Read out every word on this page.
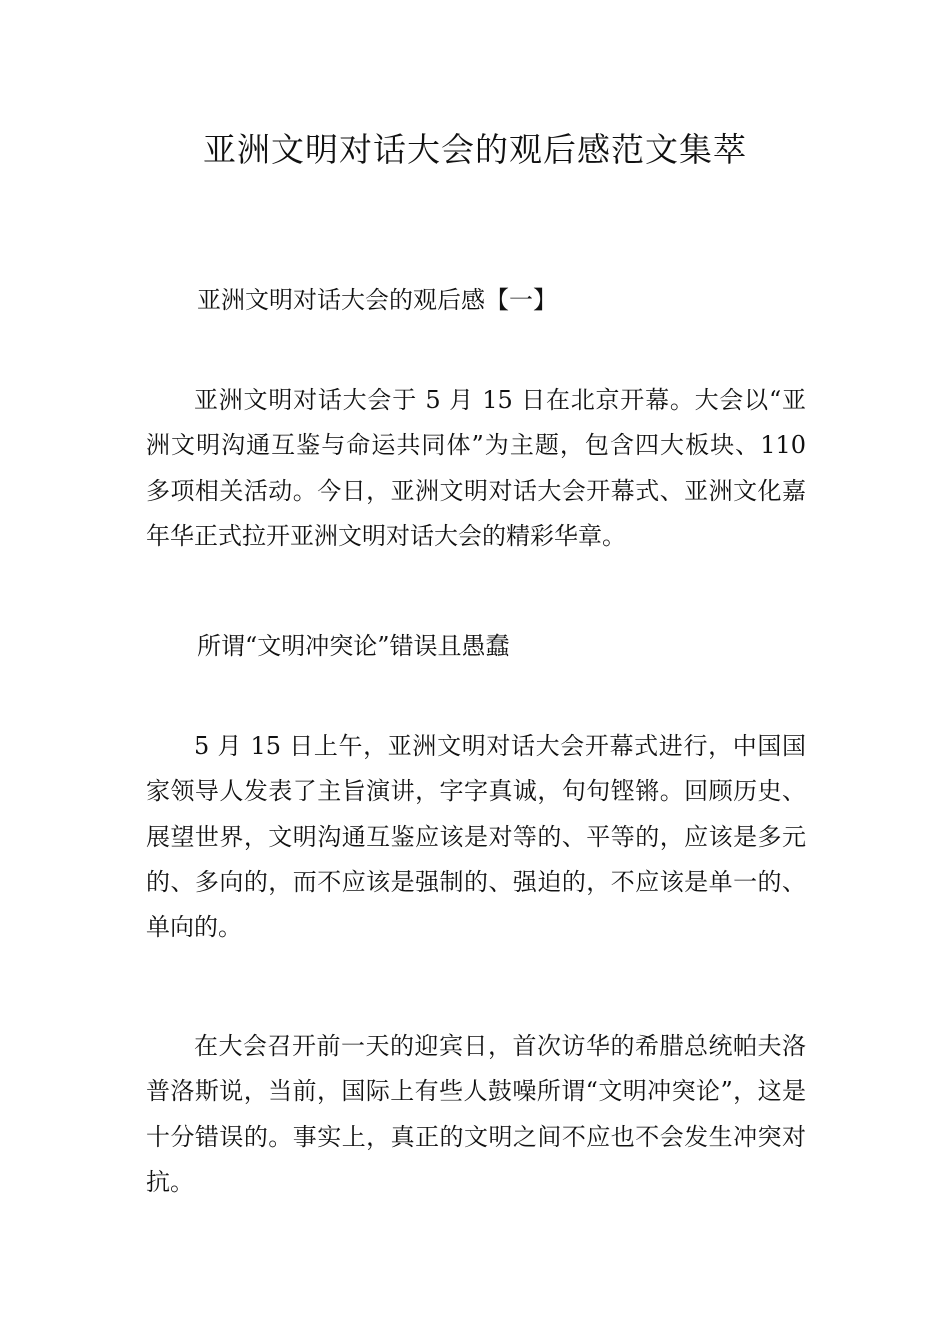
亚洲文明对话大会的观后感范文集萃
亚洲文明对话大会的观后感【一】
亚洲文明对话大会于 5 月 15 日在北京开幕。大会以“亚洲文明沟通互鉴与命运共同体”为主题，包含四大板块、110 多项相关活动。今日，亚洲文明对话大会开幕式、亚洲文化嘉年华正式拉开亚洲文明对话大会的精彩华章。
所谓“文明冲突论”错误且愚蠢
5 月 15 日上午，亚洲文明对话大会开幕式进行，中国国家领导人发表了主旨演讲，字字真诚，句句铿锵。回顾历史、展望世界，文明沟通互鉴应该是对等的、平等的，应该是多元的、多向的，而不应该是强制的、强迫的，不应该是单一的、单向的。
在大会召开前一天的迎宾日，首次访华的希腊总统帕夫洛普洛斯说，当前，国际上有些人鼓噪所谓“文明冲突论”，这是十分错误的。事实上，真正的文明之间不应也不会发生冲突对抗。
